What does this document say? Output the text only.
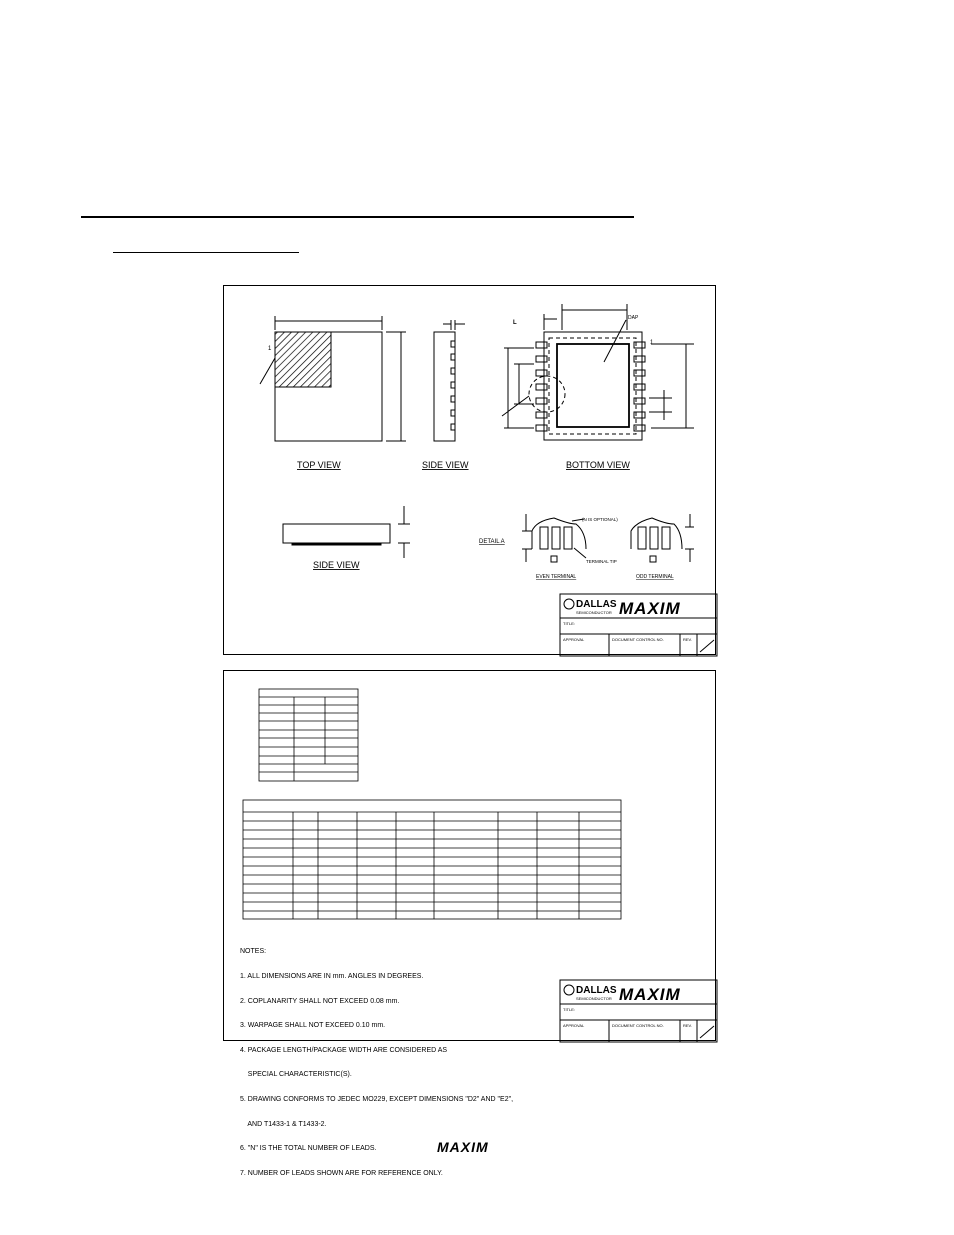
1
TOP VIEW	SIDE VIEW
L
DAP
1
BOTTOM VIEW
SIDE VIEW
(N IS OPTIONAL)
DETAIL A
TERMINAL TIP
EVEN TERMINAL	ODD TERMINAL
DALLAS
SEMICONDUCTOR MAXIM
TITLE:
APPROVAL	DOCUMENT CONTROL NO.	REV.
DALLAS
SEMICONDUCTOR MAXIM
TITLE:
APPROVAL	DOCUMENT CONTROL NO.	REV.

NOTES:

1. ALL DIMENSIONS ARE IN mm. ANGLES IN DEGREES.

2. COPLANARITY SHALL NOT EXCEED 0.08 mm.

3. WARPAGE SHALL NOT EXCEED 0.10 mm.

4. PACKAGE LENGTH/PACKAGE WIDTH ARE CONSIDERED AS

SPECIAL CHARACTERISTIC(S).

5. DRAWING CONFORMS TO JEDEC MO229, EXCEPT DIMENSIONS "D2" AND "E2",

AND T1433-1 & T1433-2.

6. "N" IS THE TOTAL NUMBER OF LEADS.

7. NUMBER OF LEADS SHOWN ARE FOR REFERENCE ONLY.

MAXIM
